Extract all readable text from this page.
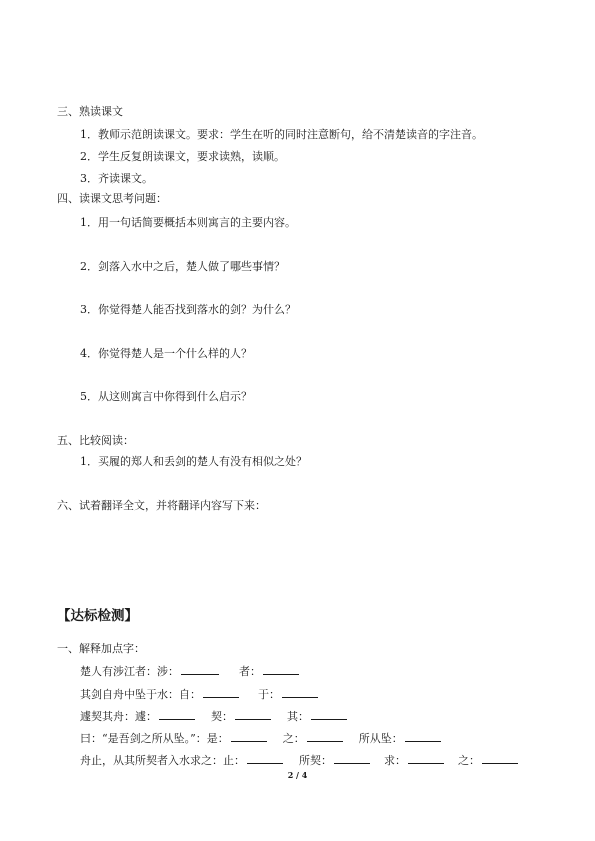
三、熟读课文
1．教师示范朗读课文。要求：学生在听的同时注意断句，给不清楚读音的字注音。
2．学生反复朗读课文，要求读熟，读顺。
3．齐读课文。
四、读课文思考问题：
1．用一句话简要概括本则寓言的主要内容。
2．剑落入水中之后，楚人做了哪些事情？
3．你觉得楚人能否找到落水的剑？为什么？
4．你觉得楚人是一个什么样的人？
5．从这则寓言中你得到什么启示？
五、比较阅读：
1．买履的郑人和丢剑的楚人有没有相似之处？
六、试着翻译全文，并将翻译内容写下来：
【达标检测】
一、解释加点字：
楚人有涉江者：涉：	者：
其剑自舟中坠于水：自：	于：
遽契其舟：遽：	契：	其：
曰：“是吾剑之所从坠。”：是：	之：	所从坠：
舟止，从其所契者入水求之：止：	所契：	求：	之：
2 / 4
